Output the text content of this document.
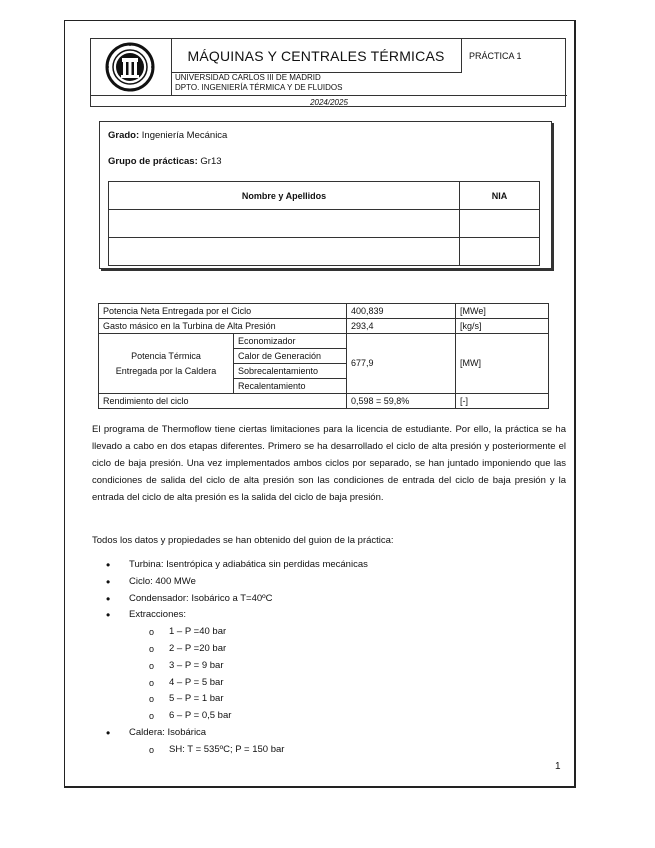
MÁQUINAS Y CENTRALES TÉRMICAS	PRÁCTICA 1
UNIVERSIDAD CARLOS III DE MADRID
DPTO. INGENIERÍA TÉRMICA Y DE FLUIDOS
2024/2025
Grado: Ingeniería Mecánica
Grupo de prácticas: Gr13
Nombre y Apellidos	NIA

Potencia Neta Entregada por el Ciclo		400,839	[MWe]
Gasto másico en la Turbina de Alta Presión		293,4	[kg/s]

Potencia Térmica
Entregada por la Caldera	Economizador	677,9	[MW]
	Calor de Generación		
	Sobrecalentamiento		
	Recalentamiento		
Rendimiento del ciclo		0,598 = 59,8%	[-]
El programa de Thermoflow tiene ciertas limitaciones para la licencia de estudiante. Por ello, la práctica se ha llevado a cabo en dos etapas diferentes. Primero se ha desarrollado el ciclo de alta presión y posteriormente el ciclo de baja presión. Una vez implementados ambos ciclos por separado, se han juntado imponiendo que las condiciones de salida del ciclo de alta presión son las condiciones de entrada del ciclo de baja presión y la entrada del ciclo de alta presión es la salida del ciclo de baja presión.
Todos los datos y propiedades se han obtenido del guion de la práctica:
• Turbina: Isentrópica y adiabática sin perdidas mecánicas
• Ciclo: 400 MWe
• Condensador: Isobárico a T=40ºC
• Extracciones:
o 1 – P =40 bar
o 2 – P =20 bar
o 3 – P = 9 bar
o 4 – P = 5 bar
o 5 – P = 1 bar
o 6 – P = 0,5 bar
• Caldera: Isobárica
o SH: T = 535ºC; P = 150 bar
1
